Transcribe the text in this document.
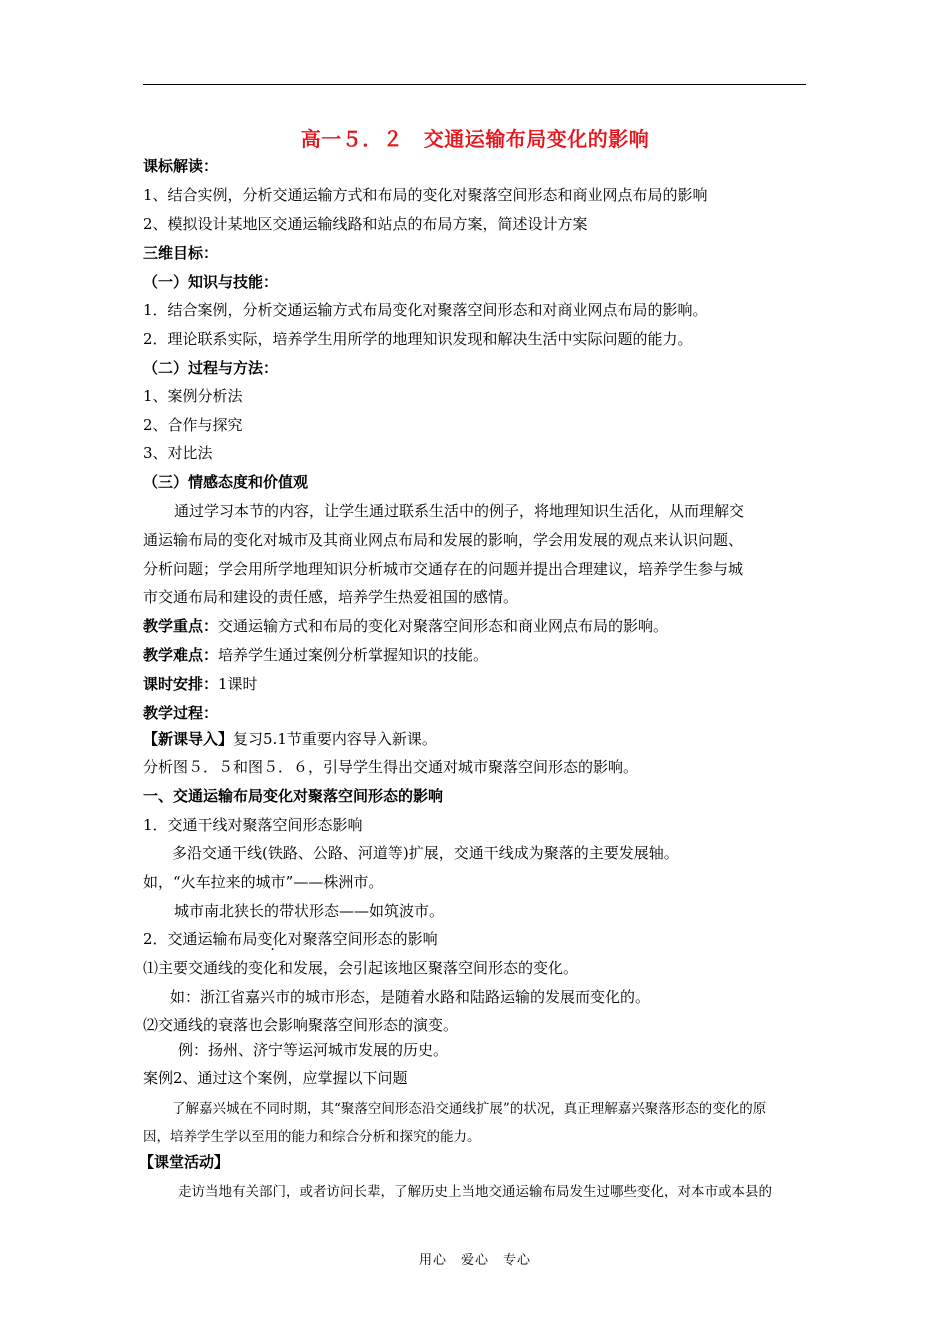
高一５．２　交通运输布局变化的影响
课标解读：
1、结合实例，分析交通运输方式和布局的变化对聚落空间形态和商业网点布局的影响
2、模拟设计某地区交通运输线路和站点的布局方案，简述设计方案
三维目标：
（一）知识与技能：
1．结合案例，分析交通运输方式布局变化对聚落空间形态和对商业网点布局的影响。
2．理论联系实际，培养学生用所学的地理知识发现和解决生活中实际问题的能力。
（二）过程与方法：
1、案例分析法
2、合作与探究
3、对比法
（三）情感态度和价值观
通过学习本节的内容，让学生通过联系生活中的例子，将地理知识生活化，从而理解交
通运输布局的变化对城市及其商业网点布局和发展的影响，学会用发展的观点来认识问题、
分析问题；学会用所学地理知识分析城市交通存在的问题并提出合理建议，培养学生参与城
市交通布局和建设的责任感，培养学生热爱祖国的感情。
教学重点：交通运输方式和布局的变化对聚落空间形态和商业网点布局的影响。
教学难点：培养学生通过案例分析掌握知识的技能。
课时安排：1课时
教学过程：
【新课导入】复习5.1节重要内容导入新课。
分析图５．５和图５．６，引导学生得出交通对城市聚落空间形态的影响。
一、交通运输布局变化对聚落空间形态的影响
1．交通干线对聚落空间形态影响
多沿交通干线(铁路、公路、河道等)扩展，交通干线成为聚落的主要发展轴。
如，“火车拉来的城市”——株洲市。
城市南北狭长的带状形态——如筑波市。
2．交通运输布局变化对聚落空间形态的影响
⑴主要交通线的变化和发展，会引起该地区聚落空间形态的变化。
如：浙江省嘉兴市的城市形态，是随着水路和陆路运输的发展而变化的。
⑵交通线的衰落也会影响聚落空间形态的演变。
例：扬州、济宁等运河城市发展的历史。
案例2、通过这个案例，应掌握以下问题
了解嘉兴城在不同时期，其“聚落空间形态沿交通线扩展”的状况，真正理解嘉兴聚落形态的变化的原
因，培养学生学以至用的能力和综合分析和探究的能力。
【课堂活动】
走访当地有关部门，或者访问长辈，了解历史上当地交通运输布局发生过哪些变化，对本市或本县的
用心　爱心　专心
